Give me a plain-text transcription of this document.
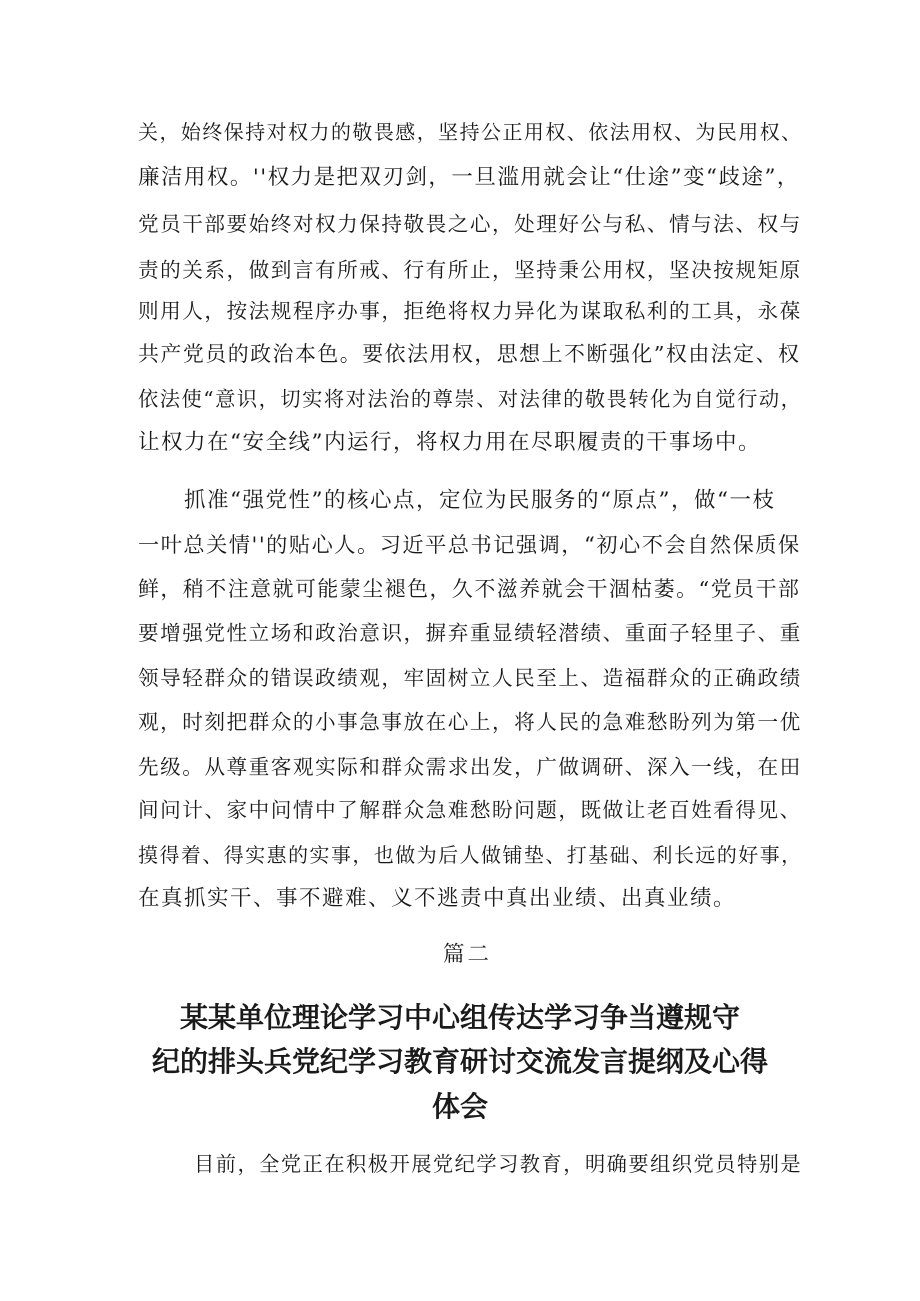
关，始终保持对权力的敬畏感，坚持公正用权、依法用权、为民用权、
廉洁用权。''权力是把双刃剑，一旦滥用就会让“仕途”变“歧途”，
党员干部要始终对权力保持敬畏之心，处理好公与私、情与法、权与
责的关系，做到言有所戒、行有所止，坚持秉公用权，坚决按规矩原
则用人，按法规程序办事，拒绝将权力异化为谋取私利的工具，永葆
共产党员的政治本色。要依法用权，思想上不断强化”权由法定、权
依法使“意识，切实将对法治的尊崇、对法律的敬畏转化为自觉行动，
让权力在“安全线”内运行，将权力用在尽职履责的干事场中。
抓准“强党性”的核心点，定位为民服务的“原点”，做“一枝
一叶总关情''的贴心人。习近平总书记强调，“初心不会自然保质保
鲜，稍不注意就可能蒙尘褪色，久不滋养就会干涸枯萎。“党员干部
要增强党性立场和政治意识，摒弃重显绩轻潜绩、重面子轻里子、重
领导轻群众的错误政绩观，牢固树立人民至上、造福群众的正确政绩
观，时刻把群众的小事急事放在心上，将人民的急难愁盼列为第一优
先级。从尊重客观实际和群众需求出发，广做调研、深入一线，在田
间问计、家中问情中了解群众急难愁盼问题，既做让老百姓看得见、
摸得着、得实惠的实事，也做为后人做铺垫、打基础、利长远的好事，
在真抓实干、事不避难、义不逃责中真出业绩、出真业绩。
篇二
某某单位理论学习中心组传达学习争当遵规守
纪的排头兵党纪学习教育研讨交流发言提纲及心得
体会
目前，全党正在积极开展党纪学习教育，明确要组织党员特别是
